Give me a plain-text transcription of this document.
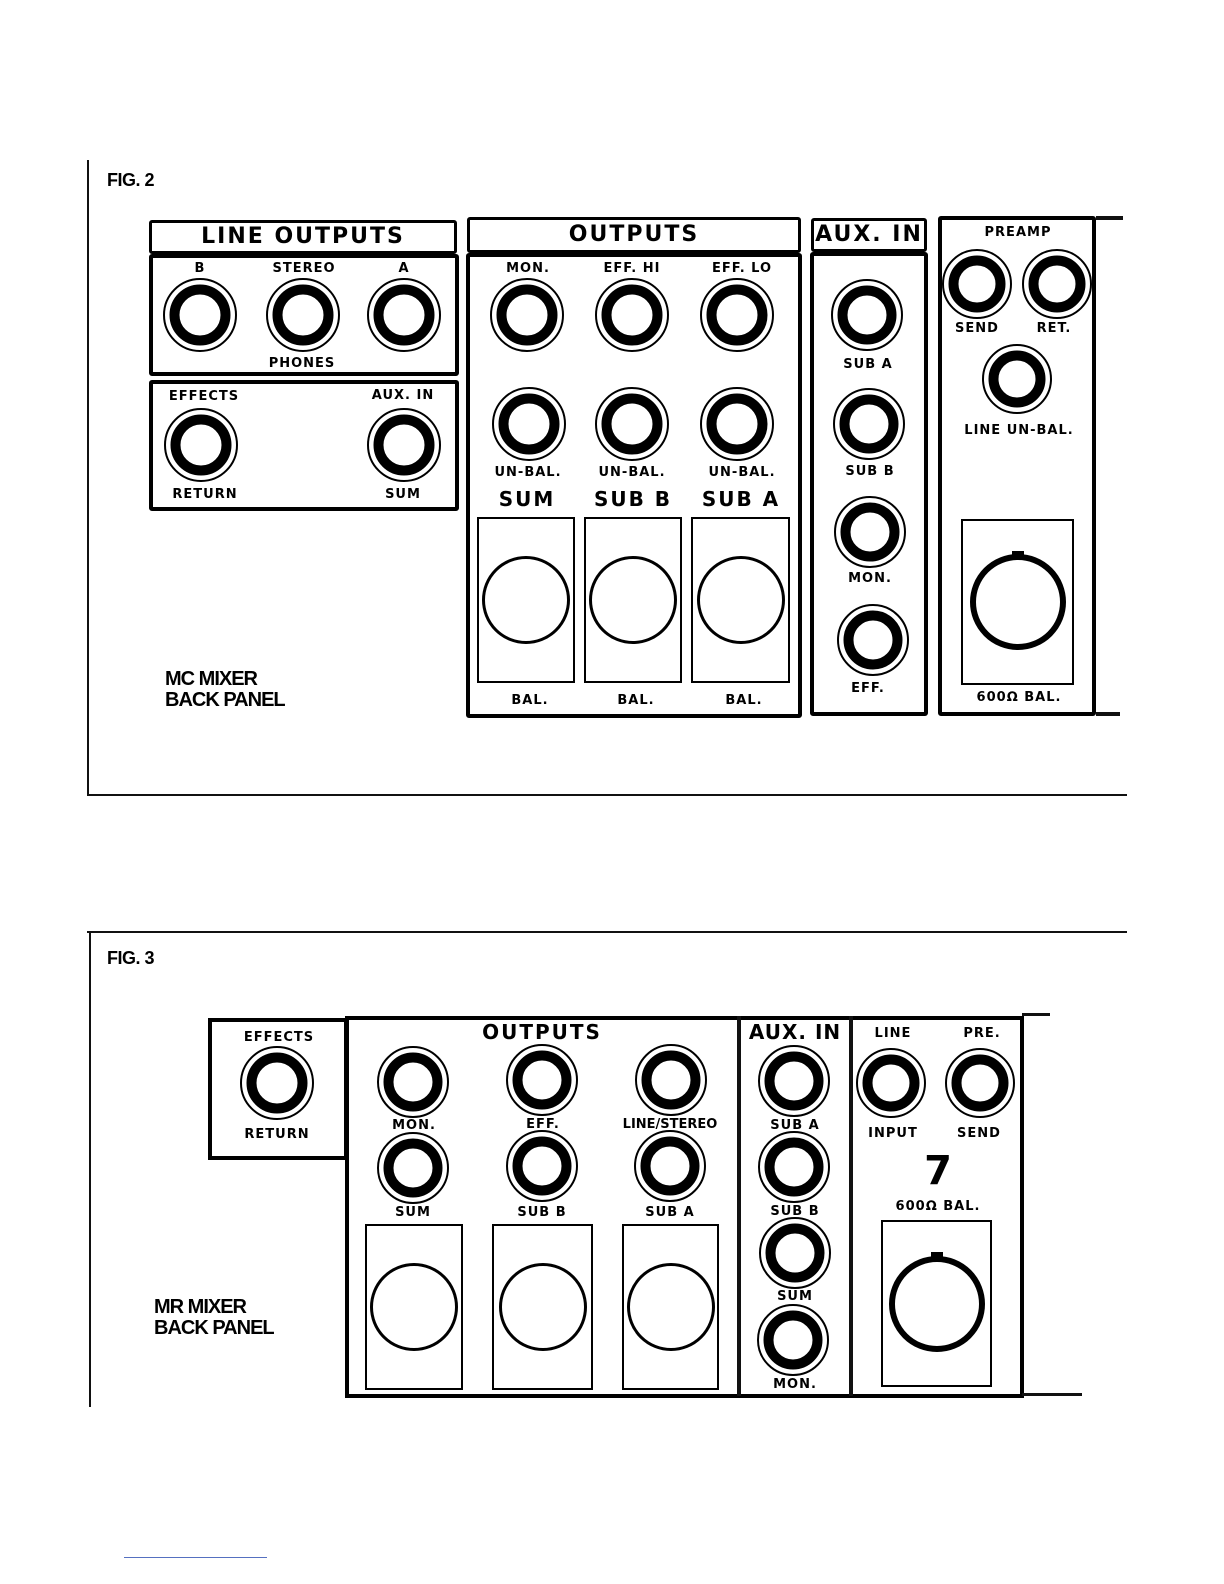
FIG. 2
MC MIXER
BACK PANEL
LINE OUTPUTS
B	STEREO	A
PHONES
EFFECTS	AUX. IN
RETURN	SUM
OUTPUTS
MON.	EFF. HI	EFF. LO
UN-BAL.	UN-BAL.	UN-BAL.
SUM SUB B SUB A
BAL.	BAL.	BAL.
AUX. IN
SUB A
SUB B
MON.
EFF.
PREAMP
SEND	RET.
LINE UN-BAL.
600Ω BAL.
FIG. 3
MR MIXER
BACK PANEL
EFFECTS
RETURN
OUTPUTS
MON.	EFF.	LINE/STEREO
SUM	SUB B	SUB A
AUX. IN
SUB A
SUB B
SUM
MON.
LINE	PRE.
INPUT	SEND
7
600Ω BAL.
